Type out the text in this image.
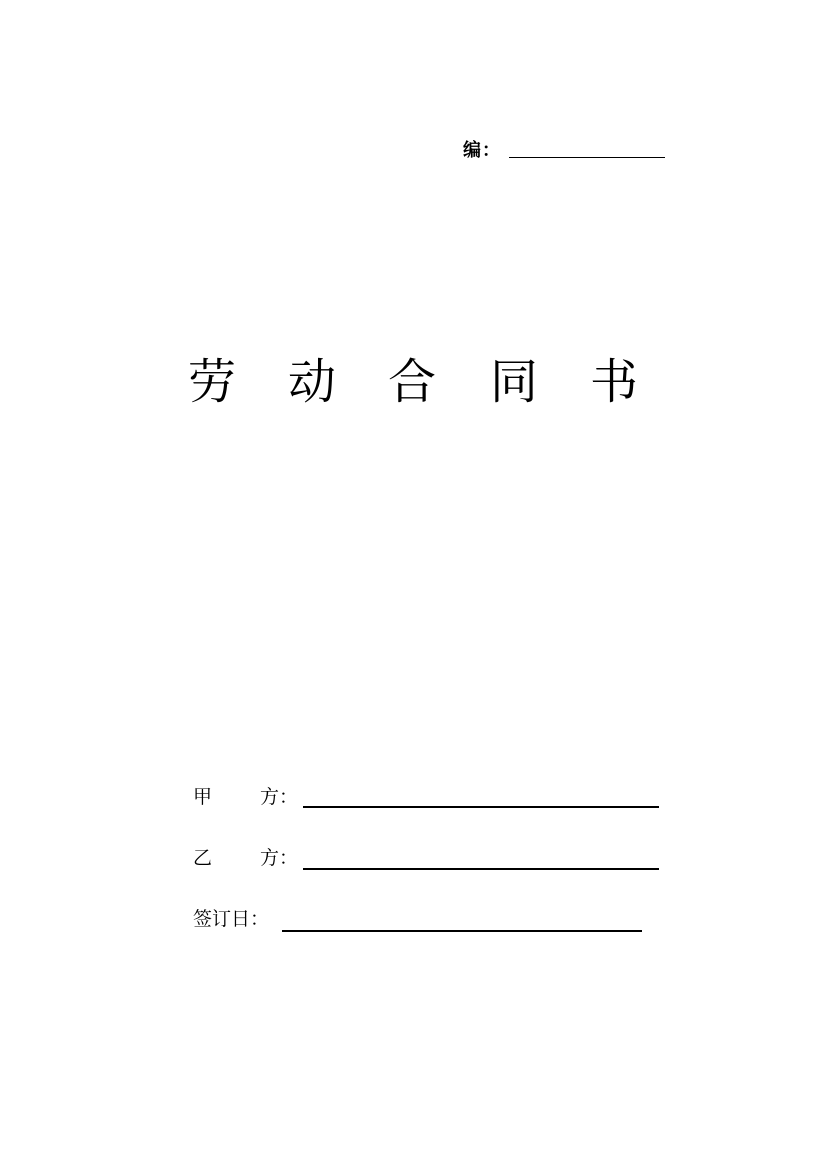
编：
劳 动 合 同 书
甲	方：
乙	方：
签订日：
